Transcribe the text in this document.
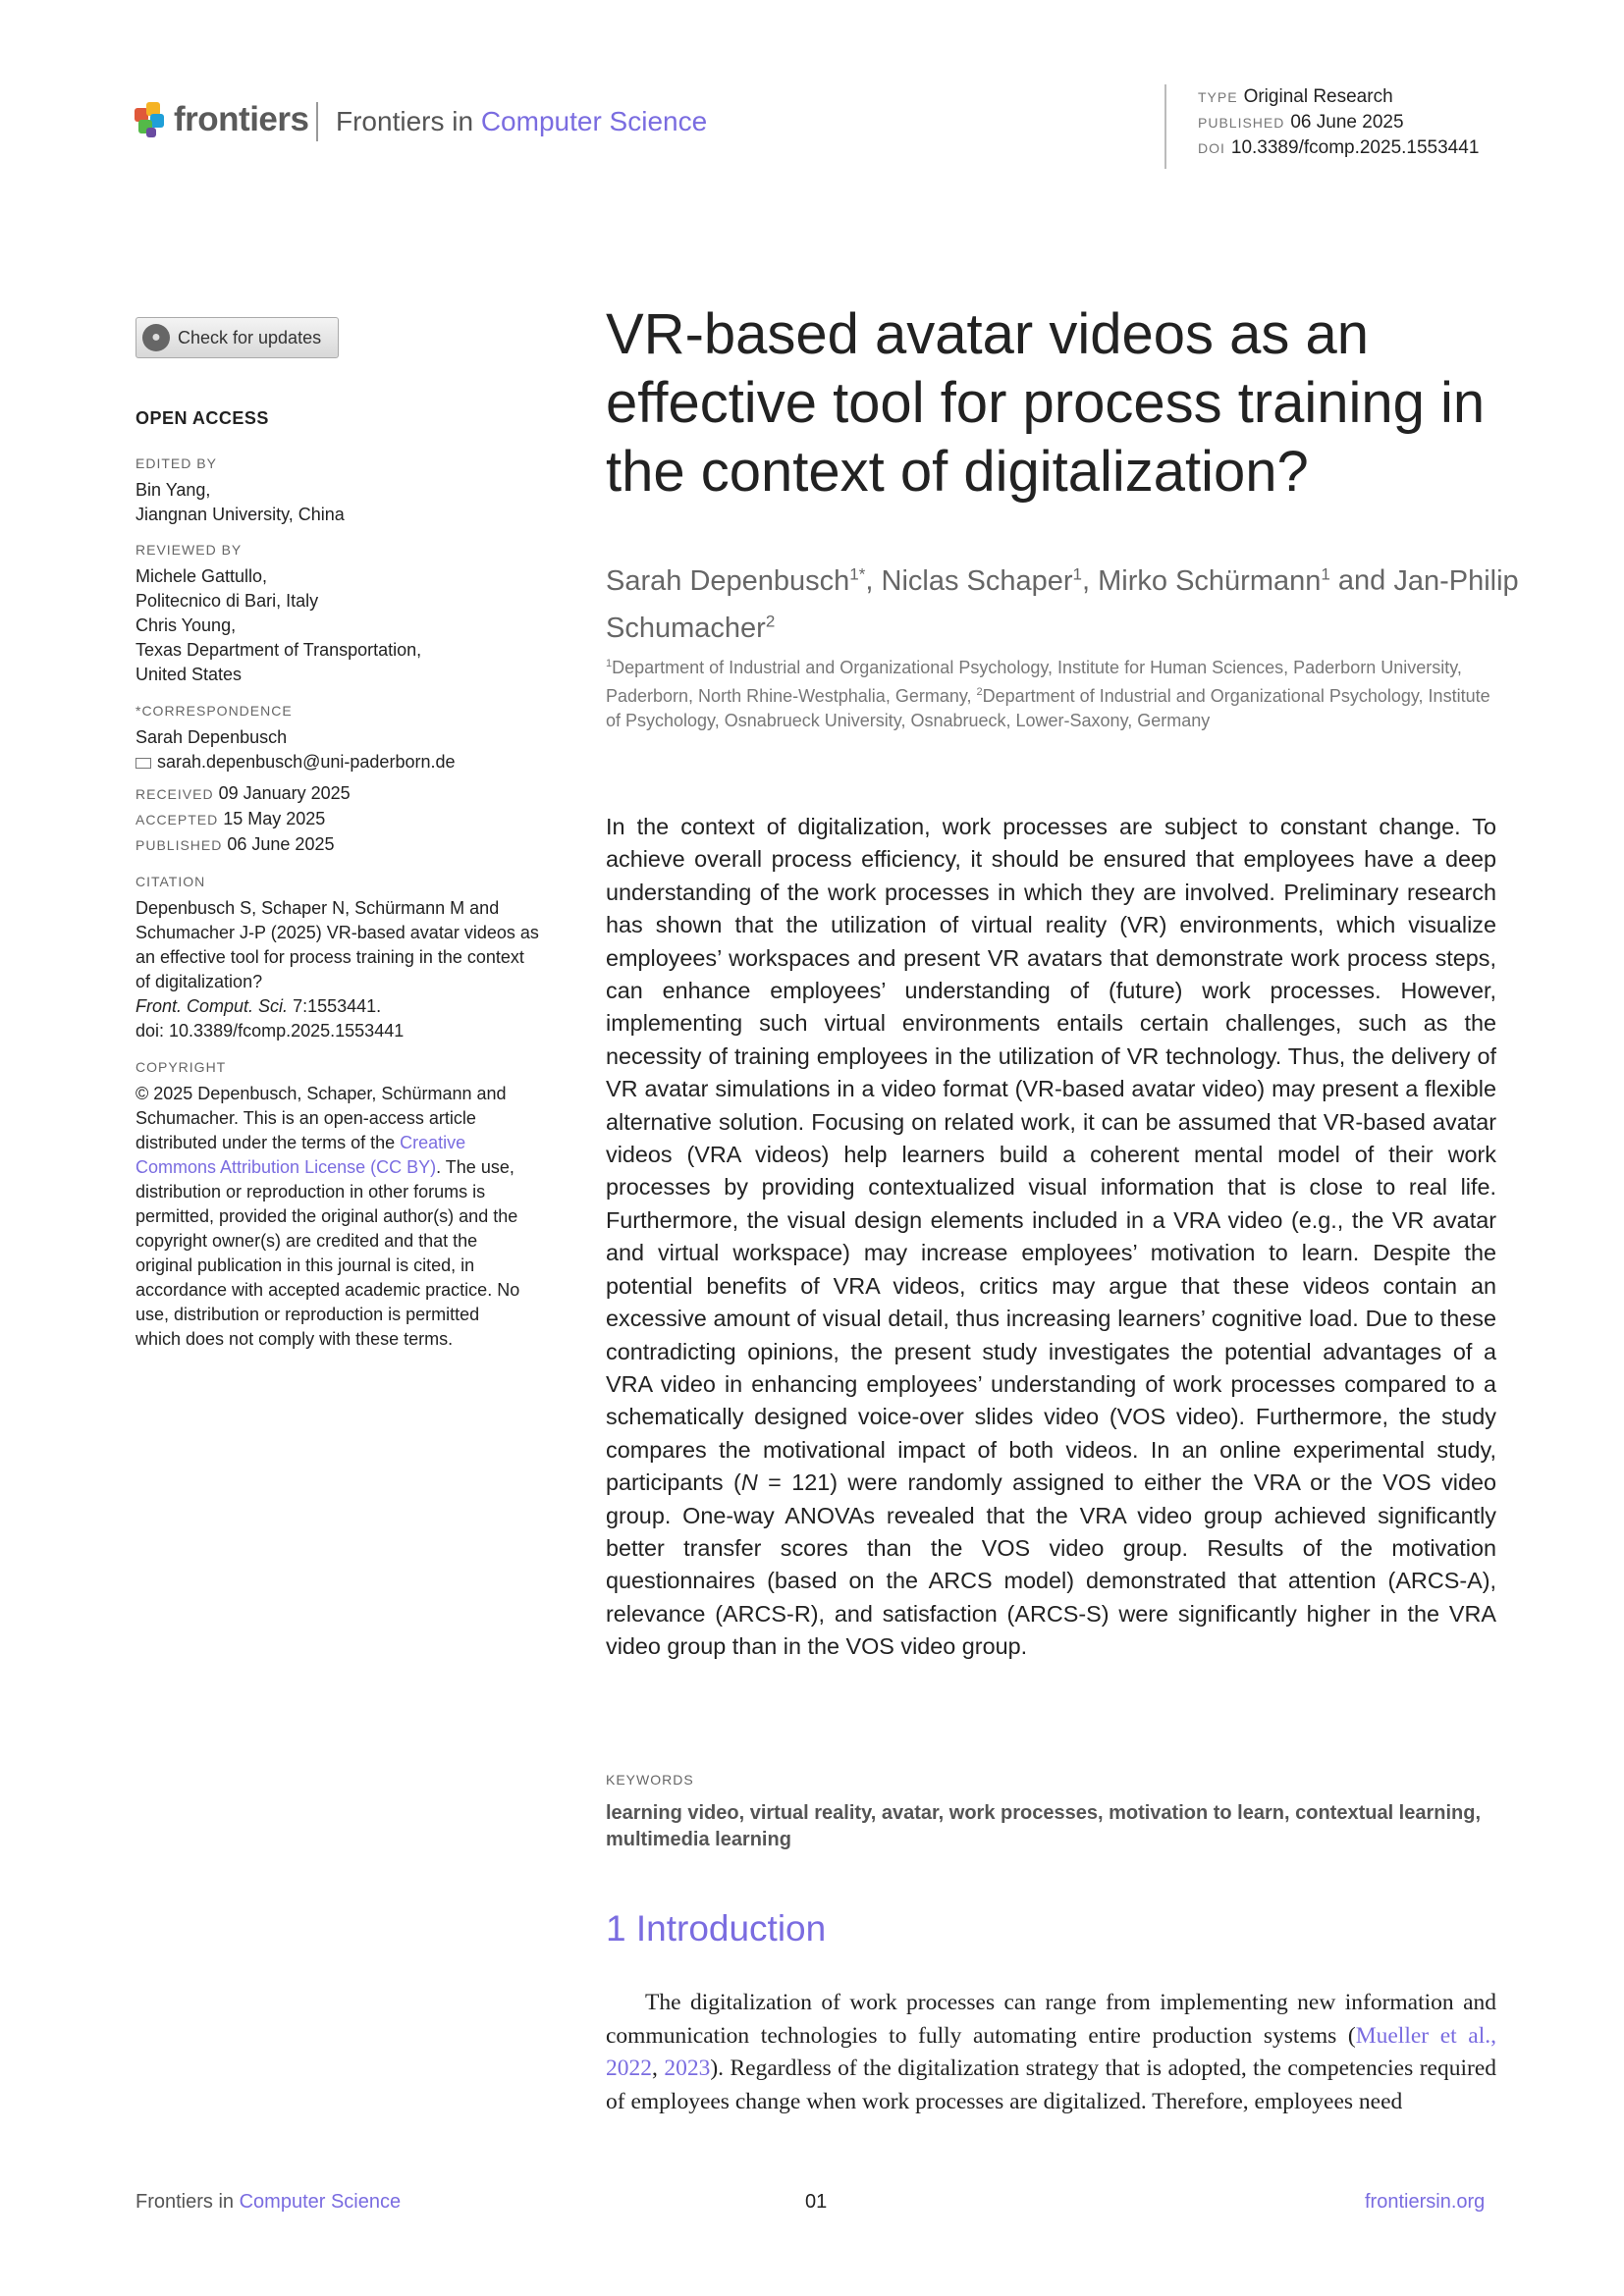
frontiers Frontiers in Computer Science
TYPE Original Research
PUBLISHED 06 June 2025
DOI 10.3389/fcomp.2025.1553441
● Check for updates
OPEN ACCESS
EDITED BY
Bin Yang,
Jiangnan University, China
REVIEWED BY
Michele Gattullo,
Politecnico di Bari, Italy
Chris Young,
Texas Department of Transportation,
United States
*CORRESPONDENCE
Sarah Depenbusch
sarah.depenbusch@uni-paderborn.de
RECEIVED 09 January 2025
ACCEPTED 15 May 2025
PUBLISHED 06 June 2025
CITATION
Depenbusch S, Schaper N, Schürmann M and Schumacher J-P (2025) VR-based avatar videos as an effective tool for process training in the context of digitalization?
Front. Comput. Sci. 7:1553441.
doi: 10.3389/fcomp.2025.1553441
COPYRIGHT
© 2025 Depenbusch, Schaper, Schürmann and Schumacher. This is an open-access article distributed under the terms of the Creative Commons Attribution License (CC BY). The use, distribution or reproduction in other forums is permitted, provided the original author(s) and the copyright owner(s) are credited and that the original publication in this journal is cited, in accordance with accepted academic practice. No use, distribution or reproduction is permitted which does not comply with these terms.
VR-based avatar videos as an effective tool for process training in the context of digitalization?
Sarah Depenbusch$^{1*}$, Niclas Schaper$^1$, Mirko Schürmann$^1$ and Jan-Philip Schumacher$^2$
$^1$Department of Industrial and Organizational Psychology, Institute for Human Sciences, Paderborn University, Paderborn, North Rhine-Westphalia, Germany, $^2$Department of Industrial and Organizational Psychology, Institute of Psychology, Osnabrueck University, Osnabrueck, Lower-Saxony, Germany
In the context of digitalization, work processes are subject to constant change. To achieve overall process efficiency, it should be ensured that employees have a deep understanding of the work processes in which they are involved. Preliminary research has shown that the utilization of virtual reality (VR) environments, which visualize employees’ workspaces and present VR avatars that demonstrate work process steps, can enhance employees’ understanding of (future) work processes. However, implementing such virtual environments entails certain challenges, such as the necessity of training employees in the utilization of VR technology. Thus, the delivery of VR avatar simulations in a video format (VR-based avatar video) may present a flexible alternative solution. Focusing on related work, it can be assumed that VR-based avatar videos (VRA videos) help learners build a coherent mental model of their work processes by providing contextualized visual information that is close to real life. Furthermore, the visual design elements included in a VRA video (e.g., the VR avatar and virtual workspace) may increase employees’ motivation to learn. Despite the potential benefits of VRA videos, critics may argue that these videos contain an excessive amount of visual detail, thus increasing learners’ cognitive load. Due to these contradicting opinions, the present study investigates the potential advantages of a VRA video in enhancing employees’ understanding of work processes compared to a schematically designed voice-over slides video (VOS video). Furthermore, the study compares the motivational impact of both videos. In an online experimental study, participants (N = 121) were randomly assigned to either the VRA or the VOS video group. One-way ANOVAs revealed that the VRA video group achieved significantly better transfer scores than the VOS video group. Results of the motivation questionnaires (based on the ARCS model) demonstrated that attention (ARCS-A), relevance (ARCS-R), and satisfaction (ARCS-S) were significantly higher in the VRA video group than in the VOS video group.
KEYWORDS
learning video, virtual reality, avatar, work processes, motivation to learn, contextual learning, multimedia learning
1 Introduction
The digitalization of work processes can range from implementing new information and communication technologies to fully automating entire production systems (Mueller et al., 2022, 2023). Regardless of the digitalization strategy that is adopted, the competencies required of employees change when work processes are digitalized. Therefore, employees need
Frontiers in Computer Science	01	frontiersin.org
